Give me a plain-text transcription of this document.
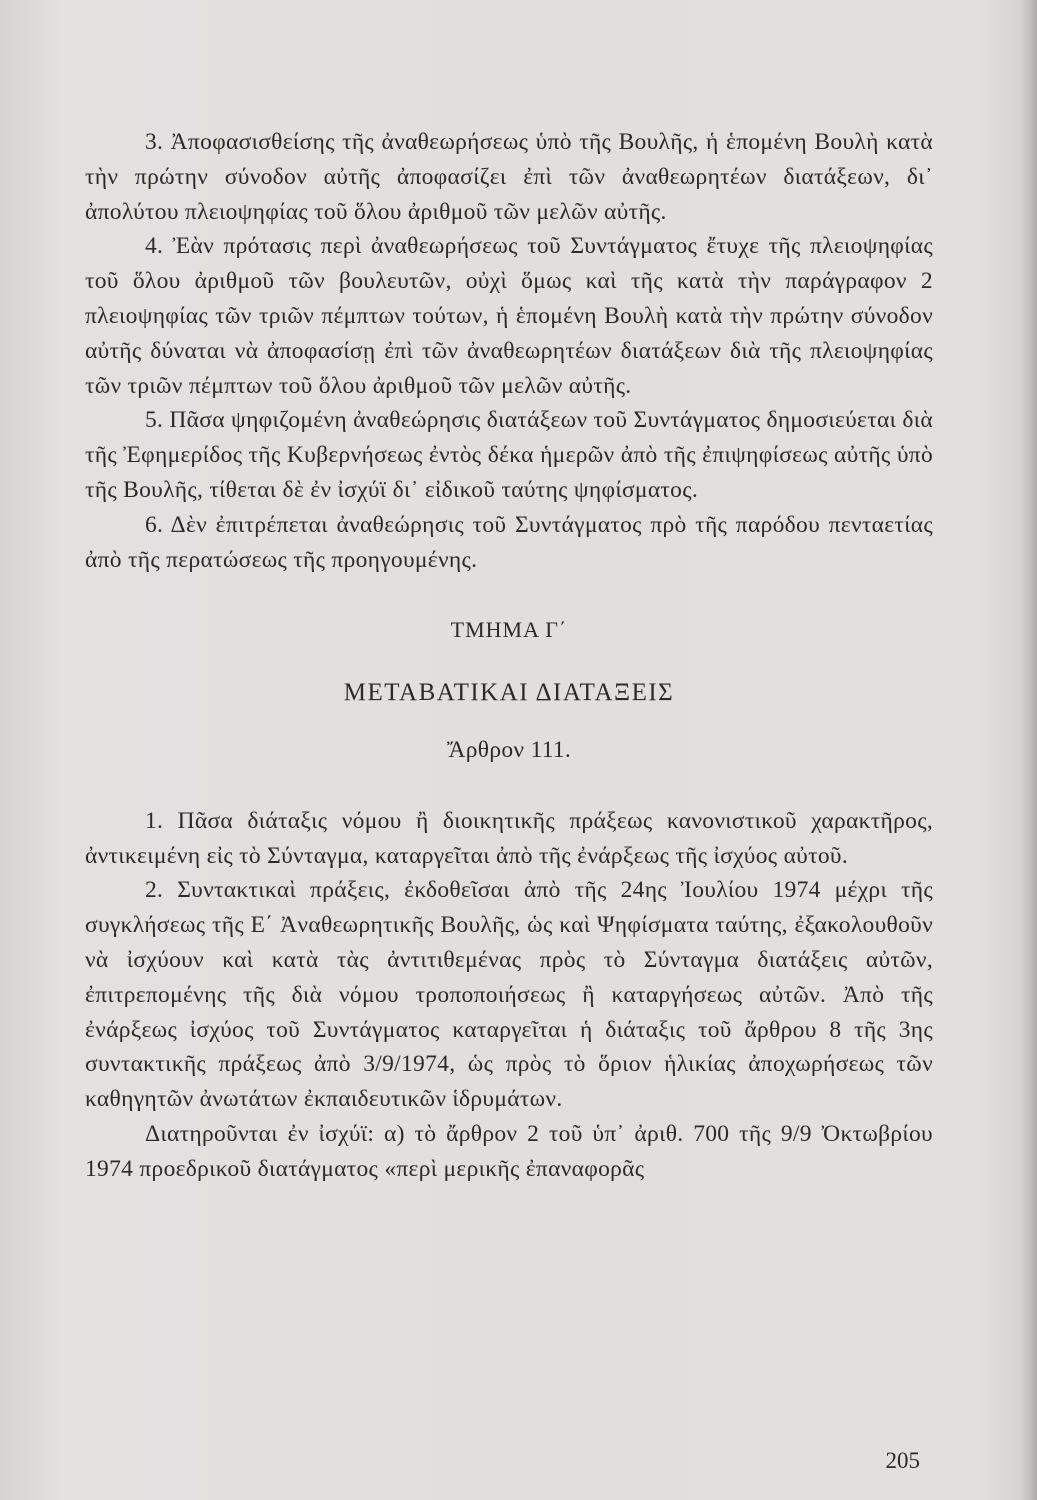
3. Ἀποφασισθείσης τῆς ἀναθεωρήσεως ὑπὸ τῆς Βουλῆς, ἡ ἑπομένη Βουλὴ κατὰ τὴν πρώτην σύνοδον αὐτῆς ἀποφασίζει ἐπὶ τῶν ἀναθεωρητέων διατάξεων, δι᾽ ἀπολύτου πλειοψηφίας τοῦ ὅλου ἀριθμοῦ τῶν μελῶν αὐτῆς.

4. Ἐὰν πρότασις περὶ ἀναθεωρήσεως τοῦ Συντάγματος ἔτυχε τῆς πλειοψηφίας τοῦ ὅλου ἀριθμοῦ τῶν βουλευτῶν, οὐχὶ ὅμως καὶ τῆς κατὰ τὴν παράγραφον 2 πλειοψηφίας τῶν τριῶν πέμπτων τούτων, ἡ ἑπομένη Βουλὴ κατὰ τὴν πρώτην σύνοδον αὐτῆς δύναται νὰ ἀποφασίσῃ ἐπὶ τῶν ἀναθεωρητέων διατάξεων διὰ τῆς πλειοψηφίας τῶν τριῶν πέμπτων τοῦ ὅλου ἀριθμοῦ τῶν μελῶν αὐτῆς.

5. Πᾶσα ψηφιζομένη ἀναθεώρησις διατάξεων τοῦ Συντάγματος δημοσιεύεται διὰ τῆς Ἐφημερίδος τῆς Κυβερνήσεως ἐντὸς δέκα ἡμερῶν ἀπὸ τῆς ἐπιψηφίσεως αὐτῆς ὑπὸ τῆς Βουλῆς, τίθεται δὲ ἐν ἰσχύϊ δι᾽ εἰδικοῦ ταύτης ψηφίσματος.

6. Δὲν ἐπιτρέπεται ἀναθεώρησις τοῦ Συντάγματος πρὸ τῆς παρόδου πενταετίας ἀπὸ τῆς περατώσεως τῆς προηγουμένης.

ΤΜΗΜΑ Γ΄

ΜΕΤΑΒΑΤΙΚΑΙ ΔΙΑΤΑΞΕΙΣ

Ἄρθρον 111.

1. Πᾶσα διάταξις νόμου ἢ διοικητικῆς πράξεως κανονιστικοῦ χαρακτῆρος, ἀντικειμένη εἰς τὸ Σύνταγμα, καταργεῖται ἀπὸ τῆς ἐνάρξεως τῆς ἰσχύος αὐτοῦ.

2. Συντακτικαὶ πράξεις, ἐκδοθεῖσαι ἀπὸ τῆς 24ης Ἰουλίου 1974 μέχρι τῆς συγκλήσεως τῆς Ε΄ Ἀναθεωρητικῆς Βουλῆς, ὡς καὶ Ψηφίσματα ταύτης, ἐξακολουθοῦν νὰ ἰσχύουν καὶ κατὰ τὰς ἀντιτιθεμένας πρὸς τὸ Σύνταγμα διατάξεις αὐτῶν, ἐπιτρεπομένης τῆς διὰ νόμου τροποποιήσεως ἢ καταργήσεως αὐτῶν. Ἀπὸ τῆς ἐνάρξεως ἰσχύος τοῦ Συντάγματος καταργεῖται ἡ διάταξις τοῦ ἄρθρου 8 τῆς 3ης συντακτικῆς πράξεως ἀπὸ 3/9/1974, ὡς πρὸς τὸ ὅριον ἡλικίας ἀποχωρήσεως τῶν καθηγητῶν ἀνωτάτων ἐκπαιδευτικῶν ἱδρυμάτων.

Διατηροῦνται ἐν ἰσχύϊ: α) τὸ ἄρθρον 2 τοῦ ὑπ᾽ ἀριθ. 700 τῆς 9/9 Ὀκτωβρίου 1974 προεδρικοῦ διατάγματος «περὶ μερικῆς ἐπαναφορᾶς

205
